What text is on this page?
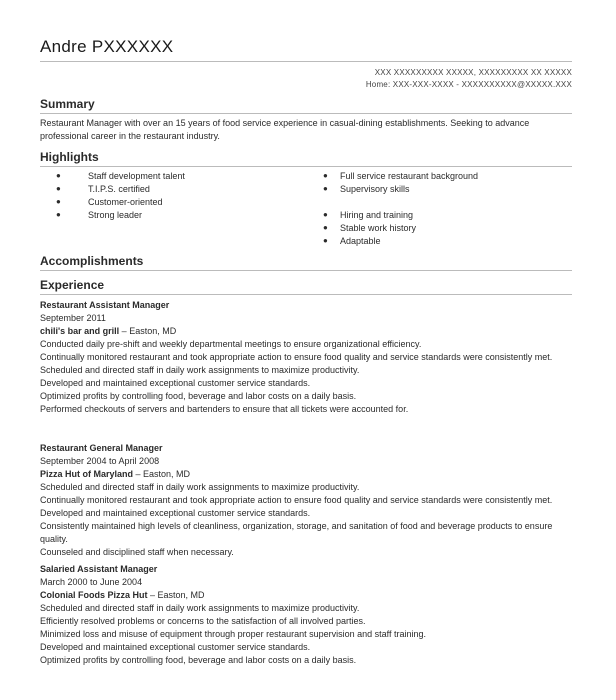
Andre PXXXXXX
XXX XXXXXXXXX XXXXX, XXXXXXXXX XX XXXXX
Home: XXX-XXX-XXXX - XXXXXXXXXX@XXXXX.XXX
Summary
Restaurant Manager with over an 15 years of food service experience in casual-dining establishments. Seeking to advance professional career in the restaurant industry.
Highlights
●	Staff development talent
●	T.I.P.S. certified
●	Customer-oriented
●	Strong leader
● Full service restaurant background
● Supervisory skills
● Hiring and training
● Stable work history
● Adaptable
Accomplishments
Experience
Restaurant Assistant Manager
September 2011
chili's bar and grill – Easton, MD
Conducted daily pre-shift and weekly departmental meetings to ensure organizational efficiency.
Continually monitored restaurant and took appropriate action to ensure food quality and service standards were consistently met.
Scheduled and directed staff in daily work assignments to maximize productivity.
Developed and maintained exceptional customer service standards.
Optimized profits by controlling food, beverage and labor costs on a daily basis.
Performed checkouts of servers and bartenders to ensure that all tickets were accounted for.
Restaurant General Manager
September 2004 to April 2008
Pizza Hut of Maryland – Easton, MD
Scheduled and directed staff in daily work assignments to maximize productivity.
Continually monitored restaurant and took appropriate action to ensure food quality and service standards were consistently met.
Developed and maintained exceptional customer service standards.
Consistently maintained high levels of cleanliness, organization, storage, and sanitation of food and beverage products to ensure quality.
Counseled and disciplined staff when necessary.
Salaried Assistant Manager
March 2000 to June 2004
Colonial Foods Pizza Hut – Easton, MD
Scheduled and directed staff in daily work assignments to maximize productivity.
Efficiently resolved problems or concerns to the satisfaction of all involved parties.
Minimized loss and misuse of equipment through proper restaurant supervision and staff training.
Developed and maintained exceptional customer service standards.
Optimized profits by controlling food, beverage and labor costs on a daily basis.
